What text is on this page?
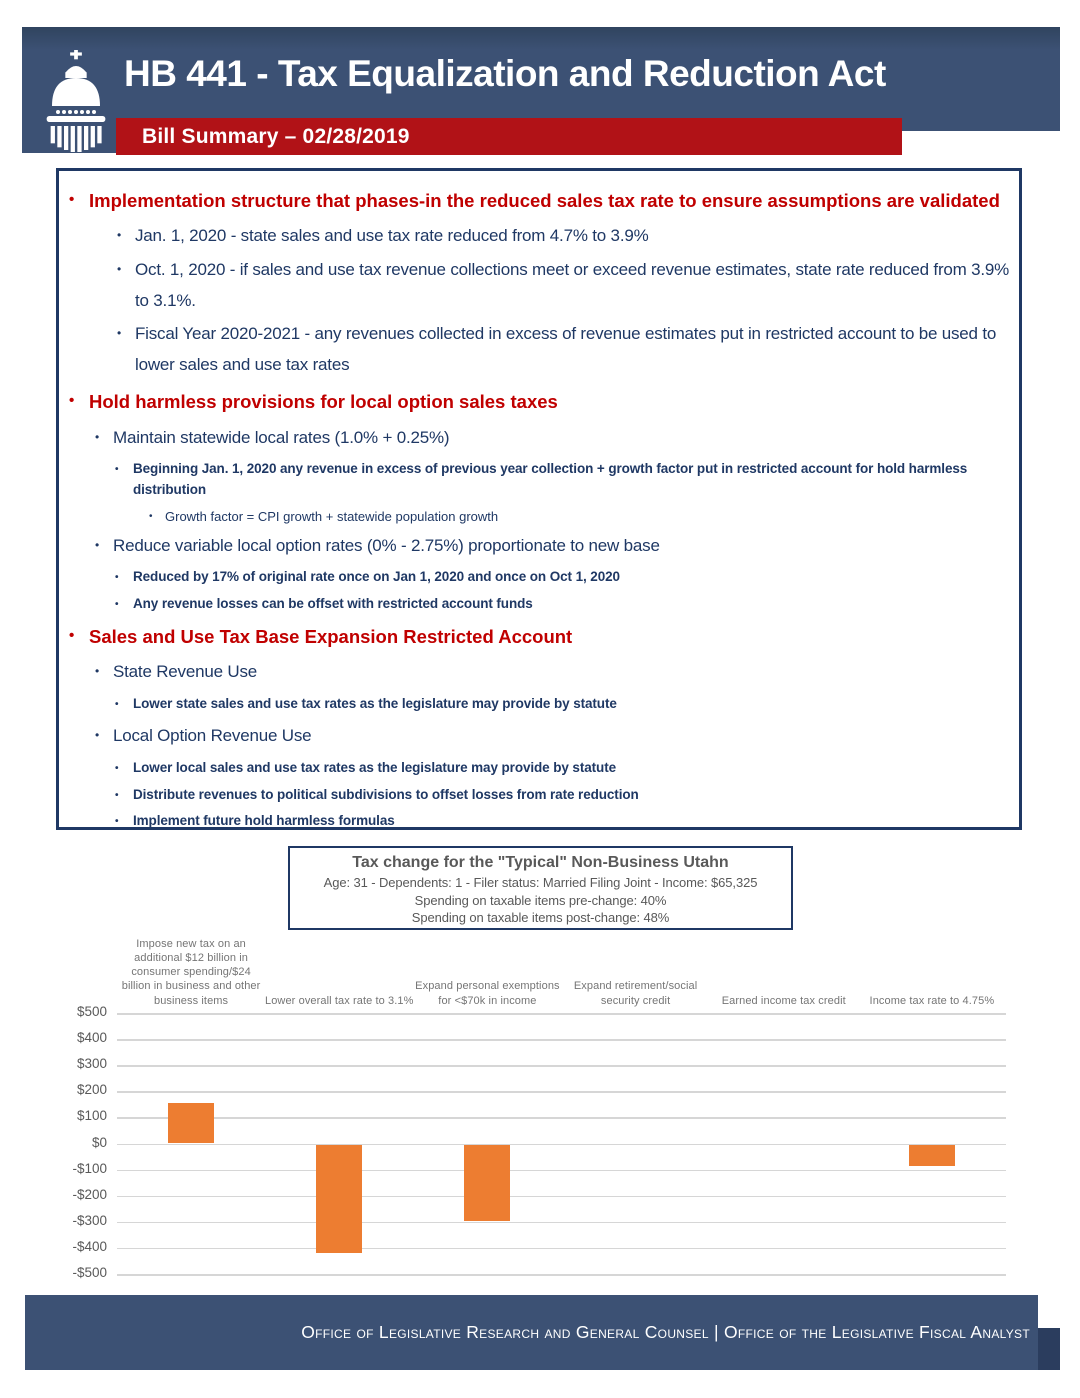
Bill Summary – 02/28/2019
HB 441 - Tax Equalization and Reduction Act
•
Implementation structure that phases-in the reduced sales tax rate to ensure assumptions are validated
•
Jan. 1, 2020 - state sales and use tax rate reduced from 4.7% to 3.9%
•
Oct. 1, 2020 - if sales and use tax revenue collections meet or exceed revenue estimates, state rate reduced from 3.9% to 3.1%.
•
Fiscal Year 2020-2021 - any revenues collected in excess of revenue estimates put in restricted account to be used to lower sales and use tax rates
•
Hold harmless provisions for local option sales taxes
•
Maintain statewide local rates (1.0% + 0.25%)
•
Beginning Jan. 1, 2020 any revenue in excess of previous year collection + growth factor put in restricted account for hold harmless distribution
•
Growth factor = CPI growth + statewide population growth
•
Reduce variable local option rates (0% - 2.75%) proportionate to new base
•
Reduced by 17% of original rate once on Jan 1, 2020 and once on Oct 1, 2020
•
Any revenue losses can be offset with restricted account funds
•
Sales and Use Tax Base Expansion Restricted Account
•
State Revenue Use
•
Lower state sales and use tax rates as the legislature may provide by statute
•
Local Option Revenue Use
•
Lower local sales and use tax rates as the legislature may provide by statute
•
Distribute revenues to political subdivisions to offset losses from rate reduction
•
Implement future hold harmless formulas
Tax change for the "Typical" Non-Business Utahn
Age: 31 - Dependents: 1 - Filer status: Married Filing Joint - Income: $65,325
Spending on taxable items pre-change: 40%
Spending on taxable items post-change: 48%
$500
$400
$300
$200
$100
$0
-$100
-$200
-$300
-$400
-$500
Impose new tax on an additional $12 billion in consumer spending/$24 billion in business and other business items	Lower overall tax rate to 3.1%
Expand personal exemptions for <$70k in income
Expand retirement/social security credit	Earned income tax credit	Income tax rate to 4.75%
Office of Legislative Research and General Counsel | Office of the Legislative Fiscal Analyst
